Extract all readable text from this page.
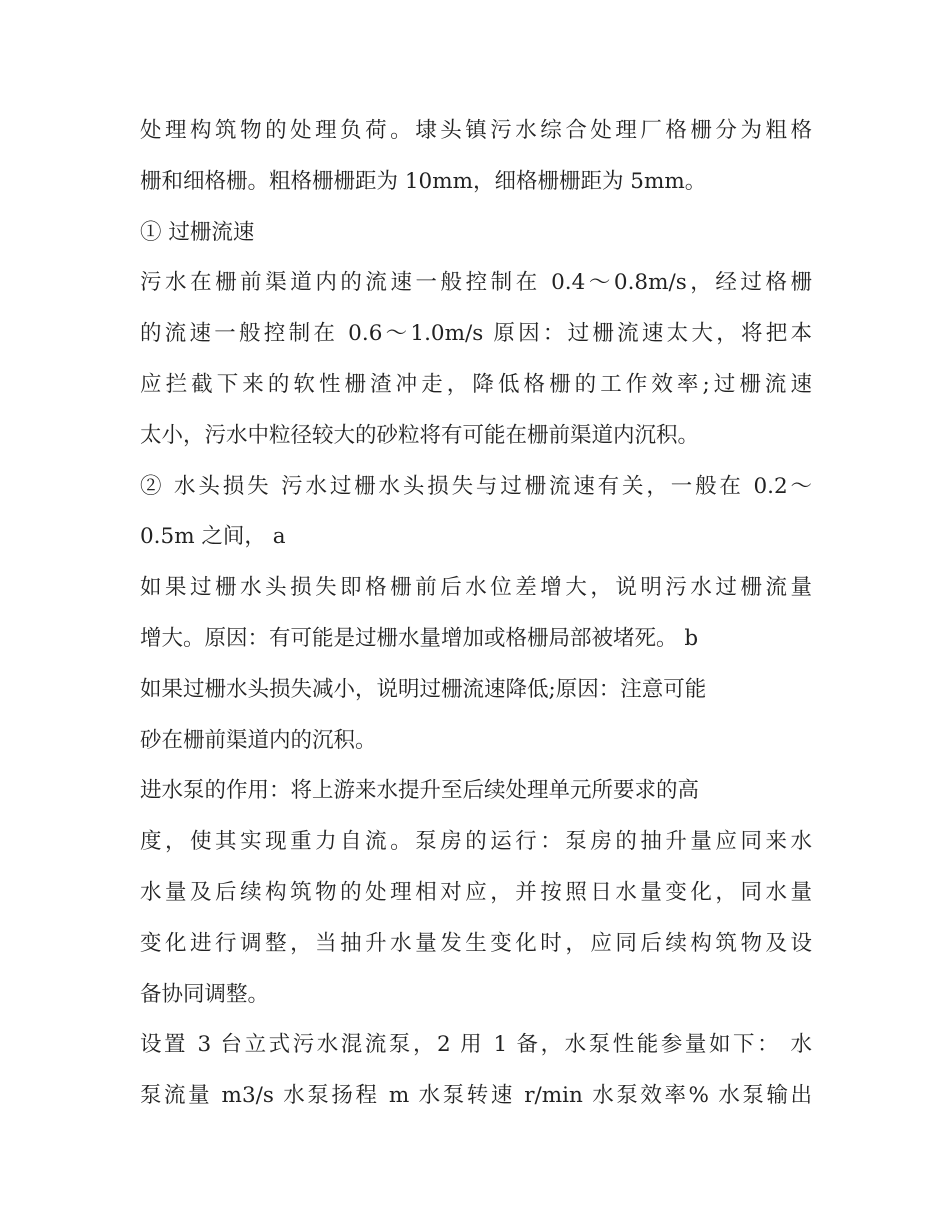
处理构筑物的处理负荷。埭头镇污水综合处理厂格栅分为粗格
栅和细格栅。粗格栅栅距为 10mm，细格栅栅距为 5mm。
① 过栅流速
污水在栅前渠道内的流速一般控制在 0.4～0.8m/s，经过格栅
的流速一般控制在 0.6～1.0m/s 原因：过栅流速太大，将把本
应拦截下来的软性栅渣冲走，降低格栅的工作效率;过栅流速
太小，污水中粒径较大的砂粒将有可能在栅前渠道内沉积。
② 水头损失 污水过栅水头损失与过栅流速有关，一般在 0.2～
0.5m 之间， a
如果过栅水头损失即格栅前后水位差增大，说明污水过栅流量
增大。原因：有可能是过栅水量增加或格栅局部被堵死。 b
如果过栅水头损失减小，说明过栅流速降低;原因：注意可能
砂在栅前渠道内的沉积。
进水泵的作用：将上游来水提升至后续处理单元所要求的高
度，使其实现重力自流。泵房的运行：泵房的抽升量应同来水
水量及后续构筑物的处理相对应，并按照日水量变化，同水量
变化进行调整，当抽升水量发生变化时，应同后续构筑物及设
备协同调整。
设置 3 台立式污水混流泵，2 用 1 备，水泵性能参量如下： 水
泵流量 m3/s 水泵扬程 m 水泵转速 r/min 水泵效率% 水泵输出
